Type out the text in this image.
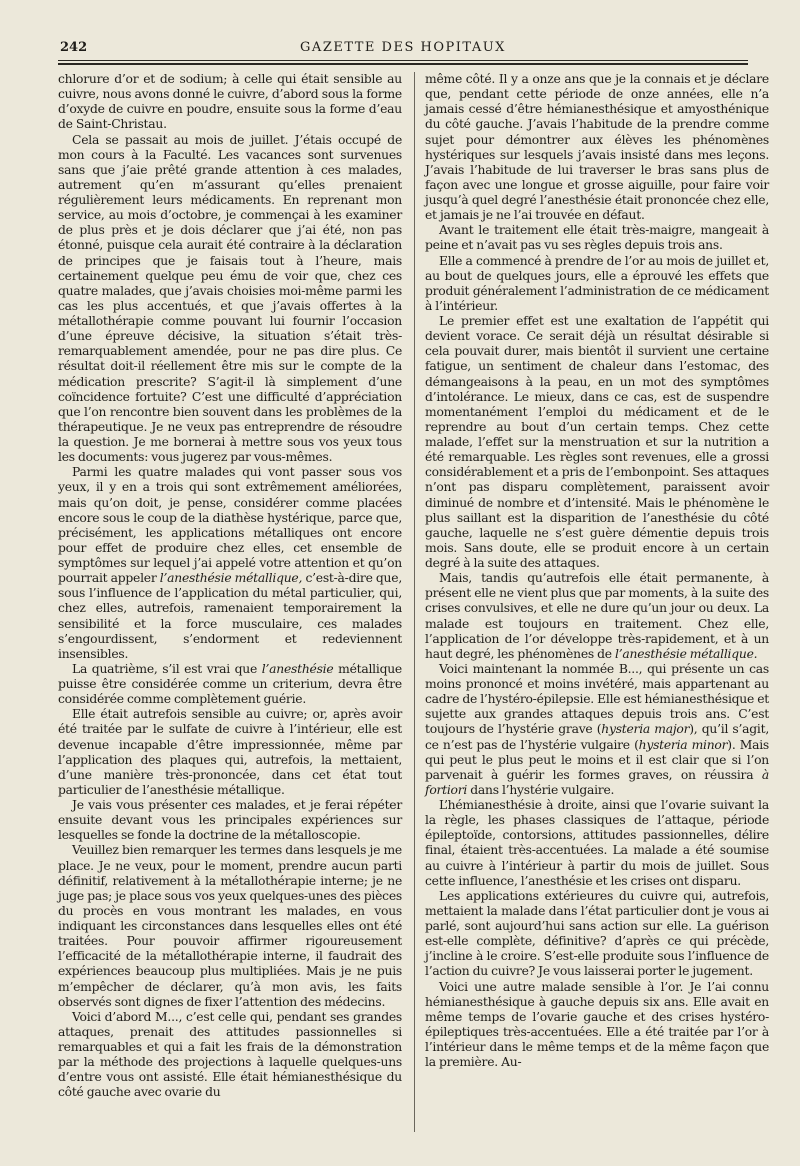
242	GAZETTE DES HOPITAUX

chlorure d’or et de sodium; à celle qui était sensible au cuivre, nous avons donné le cuivre, d’abord sous la forme d’oxyde de cuivre en poudre, ensuite sous la forme d’eau de Saint-Christau.

Cela se passait au mois de juillet. J’étais occupé de mon cours à la Faculté. Les vacances sont survenues sans que j’aie prêté grande attention à ces malades, autrement qu’en m’assurant qu’elles prenaient régulièrement leurs médicaments. En reprenant mon service, au mois d’octobre, je commençai à les examiner de plus près et je dois déclarer que j’ai été, non pas étonné, puisque cela aurait été contraire à la déclaration de principes que je faisais tout à l’heure, mais certainement quelque peu ému de voir que, chez ces quatre malades, que j’avais choisies moi-même parmi les cas les plus accentués, et que j’avais offertes à la métallothérapie comme pouvant lui fournir l’occasion d’une épreuve décisive, la situation s’était très-remarquablement amendée, pour ne pas dire plus. Ce résultat doit-il réellement être mis sur le compte de la médication prescrite? S’agit-il là simplement d’une coïncidence fortuite? C’est une difficulté d’appréciation que l’on rencontre bien souvent dans les problèmes de la thérapeutique. Je ne veux pas entreprendre de résoudre la question. Je me bornerai à mettre sous vos yeux tous les documents: vous jugerez par vous-mêmes.

Parmi les quatre malades qui vont passer sous vos yeux, il y en a trois qui sont extrêmement améliorées, mais qu’on doit, je pense, considérer comme placées encore sous le coup de la diathèse hystérique, parce que, précisément, les applications métalliques ont encore pour effet de produire chez elles, cet ensemble de symptômes sur lequel j’ai appelé votre attention et qu’on pourrait appeler l’anesthésie métallique, c’est-à-dire que, sous l’influence de l’application du métal particulier, qui, chez elles, autrefois, ramenaient temporairement la sensibilité et la force musculaire, ces malades s’engourdissent, s’endorment et redeviennent insensibles.

La quatrième, s’il est vrai que l’anesthésie métallique puisse être considérée comme un criterium, devra être considérée comme complètement guérie.

Elle était autrefois sensible au cuivre; or, après avoir été traitée par le sulfate de cuivre à l’intérieur, elle est devenue incapable d’être impressionnée, même par l’application des plaques qui, autrefois, la mettaient, d’une manière très-prononcée, dans cet état tout particulier de l’anesthésie métallique.

Je vais vous présenter ces malades, et je ferai répéter ensuite devant vous les principales expériences sur lesquelles se fonde la doctrine de la métalloscopie.

Veuillez bien remarquer les termes dans lesquels je me place. Je ne veux, pour le moment, prendre aucun parti définitif, relativement à la métallothérapie interne; je ne juge pas; je place sous vos yeux quelques-unes des pièces du procès en vous montrant les malades, en vous indiquant les circonstances dans lesquelles elles ont été traitées. Pour pouvoir affirmer rigoureusement l’efficacité de la métallothérapie interne, il faudrait des expériences beaucoup plus multipliées. Mais je ne puis m’empêcher de déclarer, qu’à mon avis, les faits observés sont dignes de fixer l’attention des médecins.

Voici d’abord M..., c’est celle qui, pendant ses grandes attaques, prenait des attitudes passionnelles si remarquables et qui a fait les frais de la démonstration par la méthode des projections à laquelle quelques-uns d’entre vous ont assisté. Elle était hémianesthésique du côté gauche avec ovarie du

même côté. Il y a onze ans que je la connais et je déclare que, pendant cette période de onze années, elle n’a jamais cessé d’être hémianesthésique et amyosthénique du côté gauche. J’avais l’habitude de la prendre comme sujet pour démontrer aux élèves les phénomènes hystériques sur lesquels j’avais insisté dans mes leçons. J’avais l’habitude de lui traverser le bras sans plus de façon avec une longue et grosse aiguille, pour faire voir jusqu’à quel degré l’anesthésie était prononcée chez elle, et jamais je ne l’ai trouvée en défaut.

Avant le traitement elle était très-maigre, mangeait à peine et n’avait pas vu ses règles depuis trois ans.

Elle a commencé à prendre de l’or au mois de juillet et, au bout de quelques jours, elle a éprouvé les effets que produit généralement l’administration de ce médicament à l’intérieur.

Le premier effet est une exaltation de l’appétit qui devient vorace. Ce serait déjà un résultat désirable si cela pouvait durer, mais bientôt il survient une certaine fatigue, un sentiment de chaleur dans l’estomac, des démangeaisons à la peau, en un mot des symptômes d’intolérance. Le mieux, dans ce cas, est de suspendre momentanément l’emploi du médicament et de le reprendre au bout d’un certain temps. Chez cette malade, l’effet sur la menstruation et sur la nutrition a été remarquable. Les règles sont revenues, elle a grossi considérablement et a pris de l’embonpoint. Ses attaques n’ont pas disparu complètement, paraissent avoir diminué de nombre et d’intensité. Mais le phénomène le plus saillant est la disparition de l’anesthésie du côté gauche, laquelle ne s’est guère démentie depuis trois mois. Sans doute, elle se produit encore à un certain degré à la suite des attaques.

Mais, tandis qu’autrefois elle était permanente, à présent elle ne vient plus que par moments, à la suite des crises convulsives, et elle ne dure qu’un jour ou deux. La malade est toujours en traitement. Chez elle, l’application de l’or développe très-rapidement, et à un haut degré, les phénomènes de l’anesthésie métallique.

Voici maintenant la nommée B..., qui présente un cas moins prononcé et moins invétéré, mais appartenant au cadre de l’hystéro-épilepsie. Elle est hémianesthésique et sujette aux grandes attaques depuis trois ans. C’est toujours de l’hystérie grave (hysteria major), qu’il s’agit, ce n’est pas de l’hystérie vulgaire (hysteria minor). Mais qui peut le plus peut le moins et il est clair que si l’on parvenait à guérir les formes graves, on réussira à fortiori dans l’hystérie vulgaire.

L’hémianesthésie à droite, ainsi que l’ovarie suivant la la règle, les phases classiques de l’attaque, période épileptoïde, contorsions, attitudes passionnelles, délire final, étaient très-accentuées. La malade a été soumise au cuivre à l’intérieur à partir du mois de juillet. Sous cette influence, l’anesthésie et les crises ont disparu.

Les applications extérieures du cuivre qui, autrefois, mettaient la malade dans l’état particulier dont je vous ai parlé, sont aujourd’hui sans action sur elle. La guérison est-elle complète, définitive? d’après ce qui précède, j’incline à le croire. S’est-elle produite sous l’influence de l’action du cuivre? Je vous laisserai porter le jugement.

Voici une autre malade sensible à l’or. Je l’ai connu hémianesthésique à gauche depuis six ans. Elle avait en même temps de l’ovarie gauche et des crises hystéro-épileptiques très-accentuées. Elle a été traitée par l’or à l’intérieur dans le même temps et de la même façon que la première. Au-
